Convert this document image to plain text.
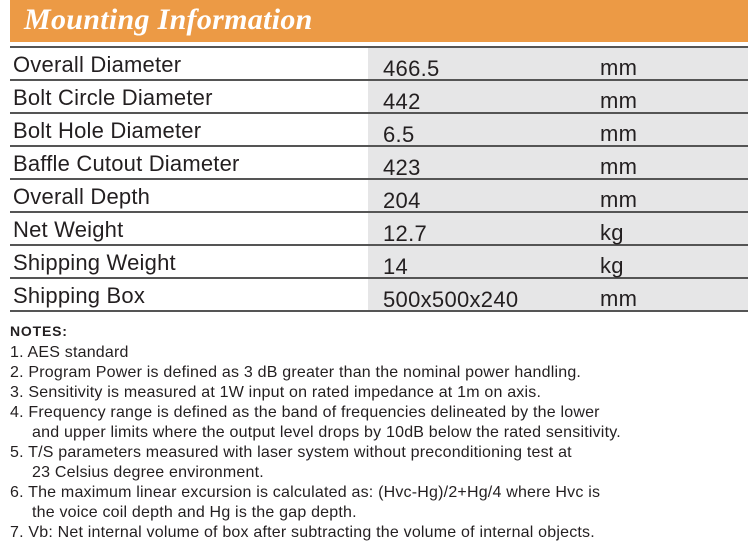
Mounting Information
Overall Diameter	466.5	mm
Bolt Circle Diameter	442	mm
Bolt Hole Diameter	6.5	mm
Baffle Cutout Diameter	423	mm
Overall Depth	204	mm
Net Weight	12.7	kg
Shipping Weight	14	kg
Shipping Box	500x500x240	mm
NOTES:
1. AES standard
2. Program Power is defined as 3 dB greater than the nominal power handling.
3. Sensitivity is measured at 1W input on rated impedance at 1m on axis.
4. Frequency range is defined as the band of frequencies delineated by the lower
and upper limits where the output level drops by 10dB below the rated sensitivity.
5. T/S parameters measured with laser system without preconditioning test at
23 Celsius degree environment.
6. The maximum linear excursion is calculated as: (Hvc-Hg)/2+Hg/4 where Hvc is
the voice coil depth and Hg is the gap depth.
7. Vb: Net internal volume of box after subtracting the volume of internal objects.
